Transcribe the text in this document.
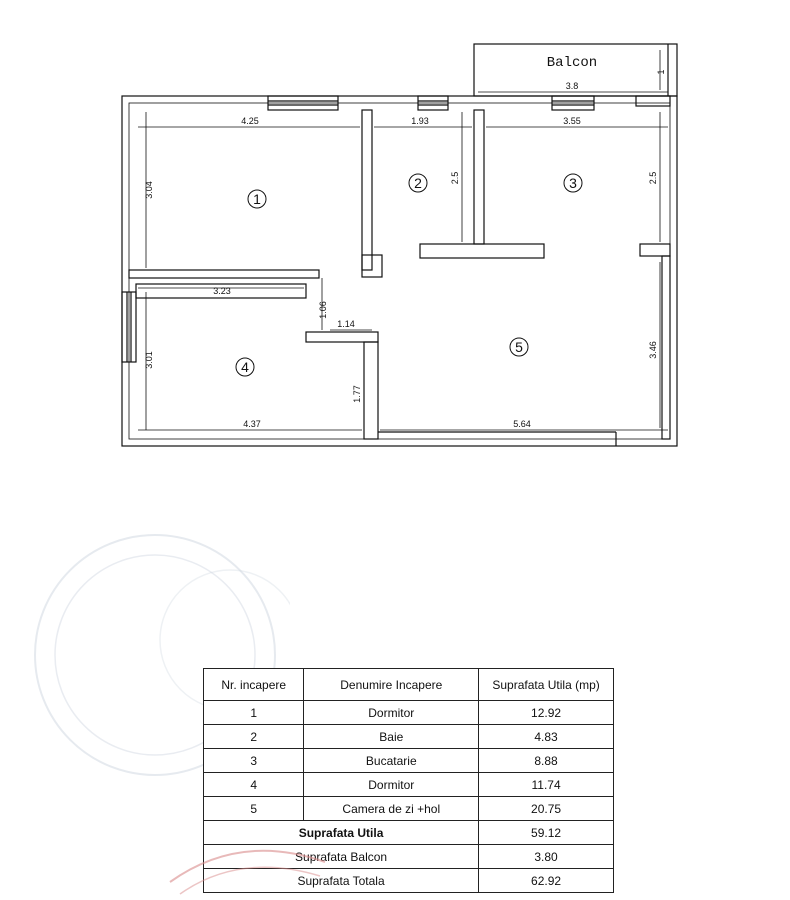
Balcon
3.8
1
4.25
3.04
1.93
2.5
3.55
2.5
3.23
3.01
4.37
1.06
1.14
1.77
5.64
3.46
1
2	3
4
5
Nr. incapere	Denumire Incapere	Suprafata Utila (mp)
1	Dormitor	12.92
2	Baie	4.83
3	Bucatarie	8.88
4	Dormitor	11.74
5	Camera de zi +hol	20.75
Suprafata Utila		59.12
Suprafata Balcon		3.80
Suprafata Totala		62.92
